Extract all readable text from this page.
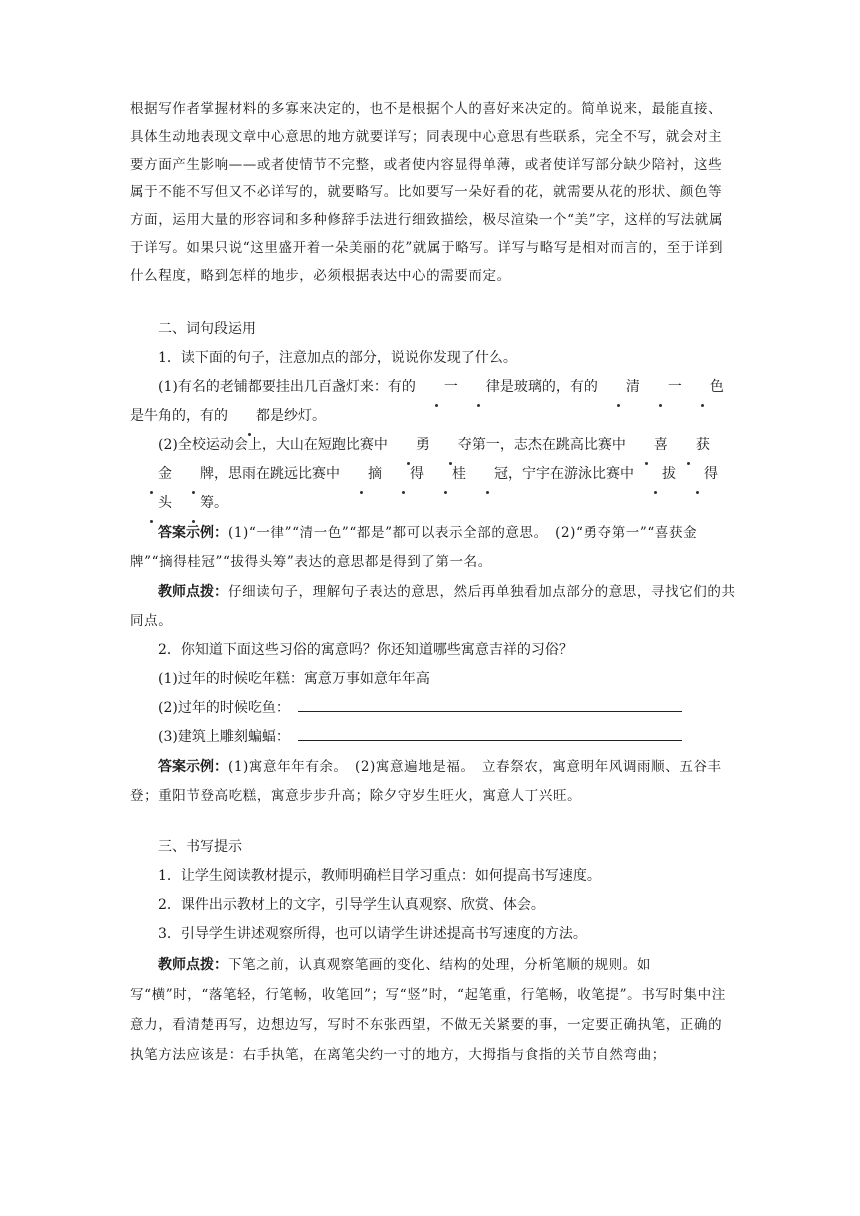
根据写作者掌握材料的多寡来决定的，也不是根据个人的喜好来决定的。简单说来，最能直接、具体生动地表现文章中心意思的地方就要详写；同表现中心意思有些联系，完全不写，就会对主要方面产生影响——或者使情节不完整，或者使内容显得单薄，或者使详写部分缺少陪衬，这些属于不能不写但又不必详写的，就要略写。比如要写一朵好看的花，就需要从花的形状、颜色等方面，运用大量的形容词和多种修辞手法进行细致描绘，极尽渲染一个“美”字，这样的写法就属于详写。如果只说“这里盛开着一朵美丽的花”就属于略写。详写与略写是相对而言的，至于详到什么程度，略到怎样的地步，必须根据表达中心的需要而定。

二、词句段运用

1．读下面的句子，注意加点的部分，说说你发现了什么。

(1)有名的老铺都要挂出几百盏灯来：有的 一 律是玻璃的，有的 清 一 色是牛角的，有的 都是纱灯。

(2)全校运动会上，大山在短跑比赛中 勇 夺第一，志杰在跳高比赛中 喜 获金 牌，思雨在跳远比赛中 摘 得 桂 冠，宁宇在游泳比赛中 拔 得头 筹。

答案示例：(1)“一律”“清一色”“都是”都可以表示全部的意思。　(2)“勇夺第一”“喜获金牌”“摘得桂冠”“拔得头筹”表达的意思都是得到了第一名。

教师点拨：仔细读句子，理解句子表达的意思，然后再单独看加点部分的意思，寻找它们的共同点。

2．你知道下面这些习俗的寓意吗？你还知道哪些寓意吉祥的习俗？

(1)过年的时候吃年糕：寓意万事如意年年高

(2)过年的时候吃鱼：

(3)建筑上雕刻蝙蝠：

答案示例：(1)寓意年年有余。　(2)寓意遍地是福。　立春祭农，寓意明年风调雨顺、五谷丰登；重阳节登高吃糕，寓意步步升高；除夕守岁生旺火，寓意人丁兴旺。

三、书写提示

1．让学生阅读教材提示，教师明确栏目学习重点：如何提高书写速度。

2．课件出示教材上的文字，引导学生认真观察、欣赏、体会。

3．引导学生讲述观察所得，也可以请学生讲述提高书写速度的方法。

教师点拨：下笔之前，认真观察笔画的变化、结构的处理，分析笔顺的规则。如写“横”时，“落笔轻，行笔畅，收笔回”；写“竖”时，“起笔重，行笔畅，收笔提”。书写时集中注意力，看清楚再写，边想边写，写时不东张西望，不做无关紧要的事，一定要正确执笔，正确的执笔方法应该是：右手执笔，在离笔尖约一寸的地方，大拇指与食指的关节自然弯曲；
